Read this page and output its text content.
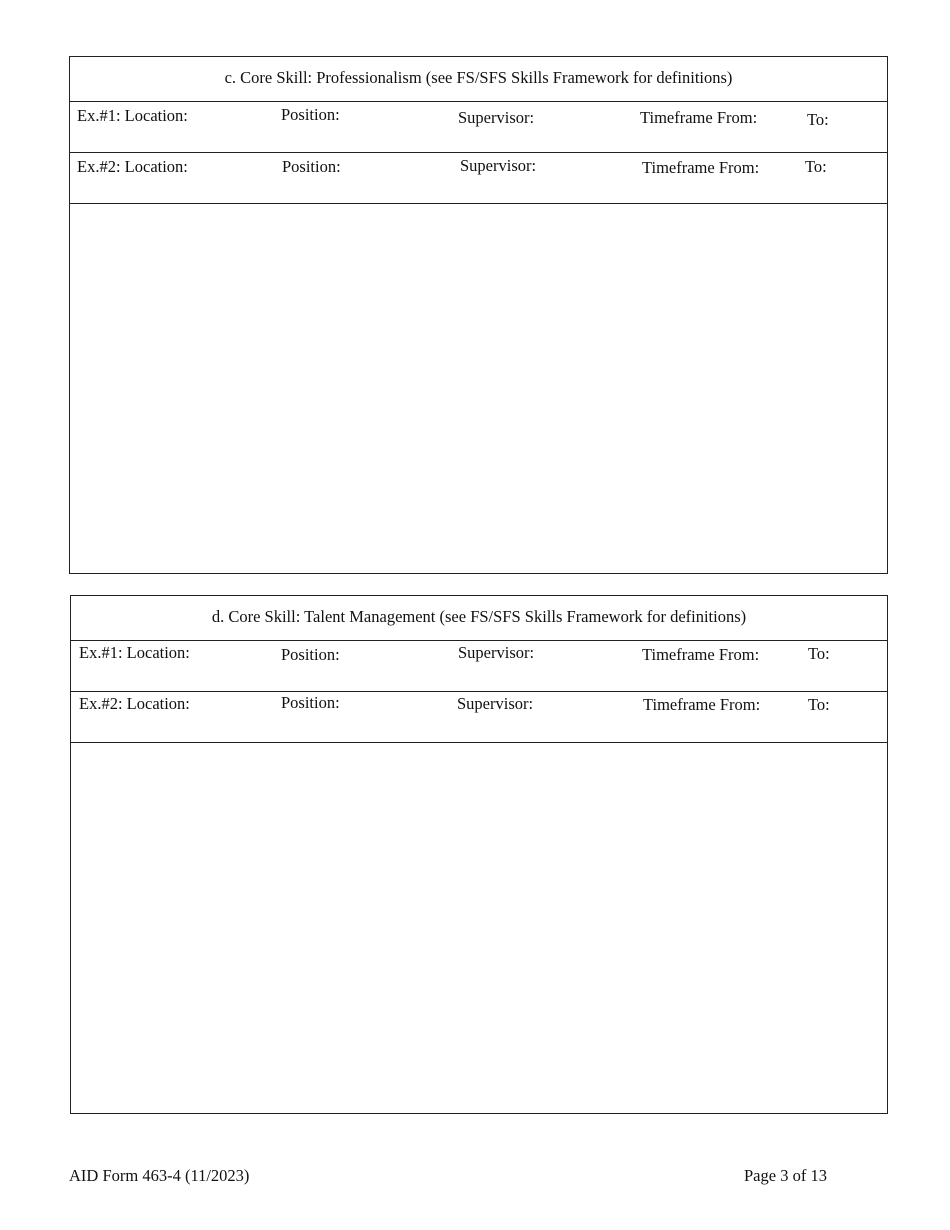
c. Core Skill: Professionalism (see FS/SFS Skills Framework for definitions)
Ex.#1: Location:	Position:	Supervisor:	Timeframe From:	To:
Ex.#2: Location:	Position:	Supervisor:	Timeframe From:	To:
d. Core Skill: Talent Management (see FS/SFS Skills Framework for definitions)
Ex.#1: Location:	Position:	Supervisor:	Timeframe From:	To:
Ex.#2: Location:	Position:	Supervisor:	Timeframe From:	To:
AID Form 463-4 (11/2023)	Page 3 of 13
